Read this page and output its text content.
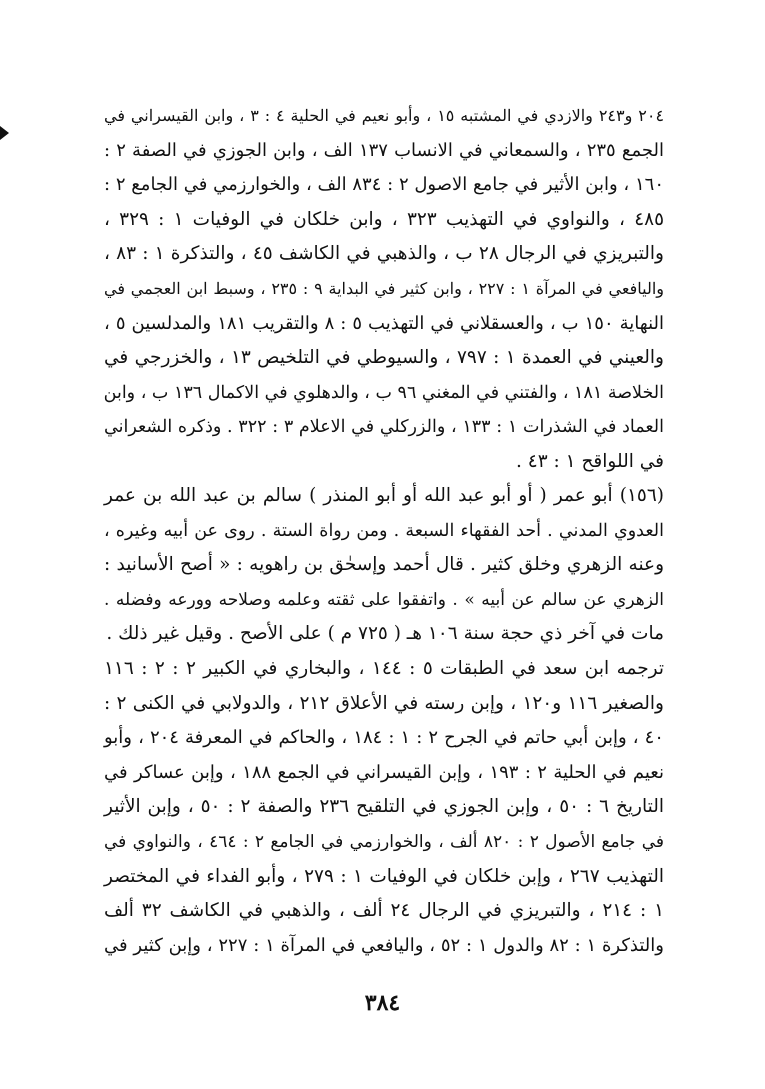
٢٠٤ و٢٤٣ والازدي في المشتبه ١٥ ، وأبو نعيم في الحلية ٤ : ٣ ، وابن القيسراني في
الجمع ٢٣٥ ، والسمعاني في الانساب ١٣٧ الف ، وابن الجوزي في الصفة ٢ :
١٦٠ ، وابن الأثير في جامع الاصول ٢ : ٨٣٤ الف ، والخوارزمي في الجامع ٢ :
٤٨٥ ، والنواوي في التهذيب ٣٢٣ ، وابن خلكان في الوفيات ١ : ٣٢٩ ،
والتبريزي في الرجال ٢٨ ب ، والذهبي في الكاشف ٤٥ ، والتذكرة ١ : ٨٣ ،
واليافعي في المرآة ١ : ٢٢٧ ، وابن كثير في البداية ٩ : ٢٣٥ ، وسبط ابن العجمي في
النهاية ١٥٠ ب ، والعسقلاني في التهذيب ٥ : ٨ والتقريب ١٨١ والمدلسين ٥ ،
والعيني في العمدة ١ : ٧٩٧ ، والسيوطي في التلخيص ١٣ ، والخزرجي في
الخلاصة ١٨١ ، والفتني في المغني ٩٦ ب ، والدهلوي في الاكمال ١٣٦ ب ، وابن
العماد في الشذرات ١ : ١٣٣ ، والزركلي في الاعلام ٣ : ٣٢٢ . وذكره الشعراني
في اللواقح ١ : ٤٣ .
(١٥٦) أبو عمر ( أو أبو عبد الله أو أبو المنذر ) سالم بن عبد الله بن عمر
العدوي المدني . أحد الفقهاء السبعة . ومن رواة الستة . روى عن أبيه وغيره ،
وعنه الزهري وخلق كثير . قال أحمد وإسحٰق بن راهويه : « أصح الأسانيد :
الزهري عن سالم عن أبيه » . واتفقوا على ثقته وعلمه وصلاحه وورعه وفضله .
مات في آخر ذي حجة سنة ١٠٦ هـ ( ٧٢٥ م ) على الأصح . وقيل غير ذلك .
ترجمه ابن سعد في الطبقات ٥ : ١٤٤ ، والبخاري في الكبير ٢ : ٢ : ١١٦
والصغير ١١٦ و١٢٠ ، وإبن رسته في الأعلاق ٢١٢ ، والدولابي في الكنى ٢ :
٤٠ ، وإبن أبي حاتم في الجرح ٢ : ١ : ١٨٤ ، والحاكم في المعرفة ٢٠٤ ، وأبو
نعيم في الحلية ٢ : ١٩٣ ، وإبن القيسراني في الجمع ١٨٨ ، وإبن عساكر في
التاريخ ٦ : ٥٠ ، وإبن الجوزي في التلقيح ٢٣٦ والصفة ٢ : ٥٠ ، وإبن الأثير
في جامع الأصول ٢ : ٨٢٠ ألف ، والخوارزمي في الجامع ٢ : ٤٦٤ ، والنواوي في
التهذيب ٢٦٧ ، وإبن خلكان في الوفيات ١ : ٢٧٩ ، وأبو الفداء في المختصر
١ : ٢١٤ ، والتبريزي في الرجال ٢٤ ألف ، والذهبي في الكاشف ٣٢ ألف
والتذكرة ١ : ٨٢ والدول ١ : ٥٢ ، واليافعي في المرآة ١ : ٢٢٧ ، وإبن كثير في
٣٨٤
